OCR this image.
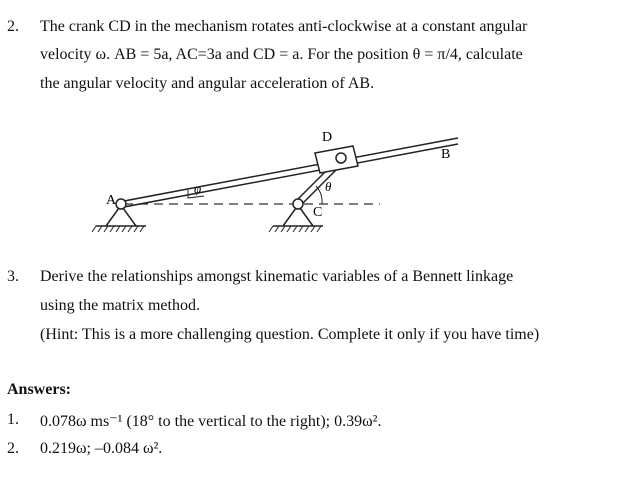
2. The crank CD in the mechanism rotates anti-clockwise at a constant angular
velocity ω. AB = 5a, AC=3a and CD = a. For the position θ = π/4, calculate
the angular velocity and angular acceleration of AB.
A
B
C
D
φ	θ
3. Derive the relationships amongst kinematic variables of a Bennett linkage
using the matrix method.
(Hint: This is a more challenging question. Complete it only if you have time)
Answers:
1. 0.078ω ms⁻¹ (18° to the vertical to the right); 0.39ω².
2. 0.219ω; –0.084 ω².
